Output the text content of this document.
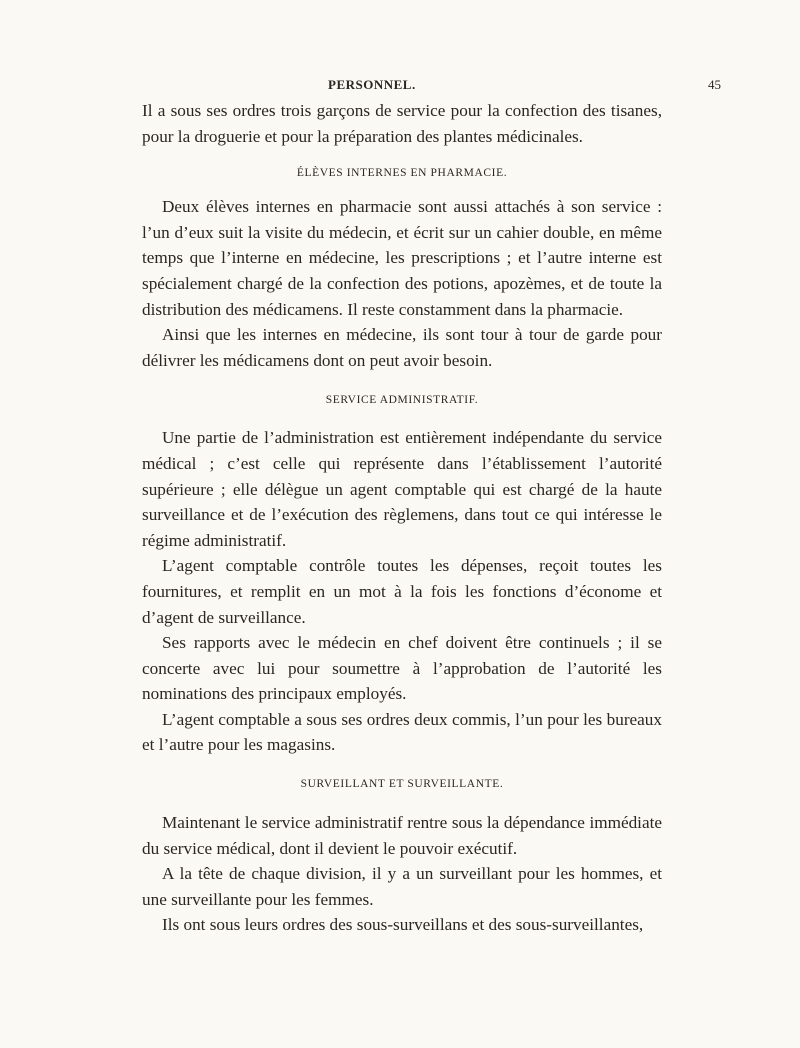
PERSONNEL.	45

Il a sous ses ordres trois garçons de service pour la confection des tisanes, pour la droguerie et pour la préparation des plantes médicinales.

ÉLÈVES INTERNES EN PHARMACIE.

Deux élèves internes en pharmacie sont aussi attachés à son service : l’un d’eux suit la visite du médecin, et écrit sur un cahier double, en même temps que l’interne en médecine, les prescriptions ; et l’autre interne est spécialement chargé de la confection des potions, apozèmes, et de toute la distribution des médicamens. Il reste constamment dans la pharmacie.

Ainsi que les internes en médecine, ils sont tour à tour de garde pour délivrer les médicamens dont on peut avoir besoin.

SERVICE ADMINISTRATIF.

Une partie de l’administration est entièrement indépendante du service médical ; c’est celle qui représente dans l’établissement l’autorité supérieure ; elle délègue un agent comptable qui est chargé de la haute surveillance et de l’exécution des règlemens, dans tout ce qui intéresse le régime administratif.

L’agent comptable contrôle toutes les dépenses, reçoit toutes les fournitures, et remplit en un mot à la fois les fonctions d’économe et d’agent de surveillance.

Ses rapports avec le médecin en chef doivent être continuels ; il se concerte avec lui pour soumettre à l’approbation de l’autorité les nominations des principaux employés.

L’agent comptable a sous ses ordres deux commis, l’un pour les bureaux et l’autre pour les magasins.

SURVEILLANT ET SURVEILLANTE.

Maintenant le service administratif rentre sous la dépendance immédiate du service médical, dont il devient le pouvoir exécutif.

A la tête de chaque division, il y a un surveillant pour les hommes, et une surveillante pour les femmes.

Ils ont sous leurs ordres des sous-surveillans et des sous-surveillantes,
